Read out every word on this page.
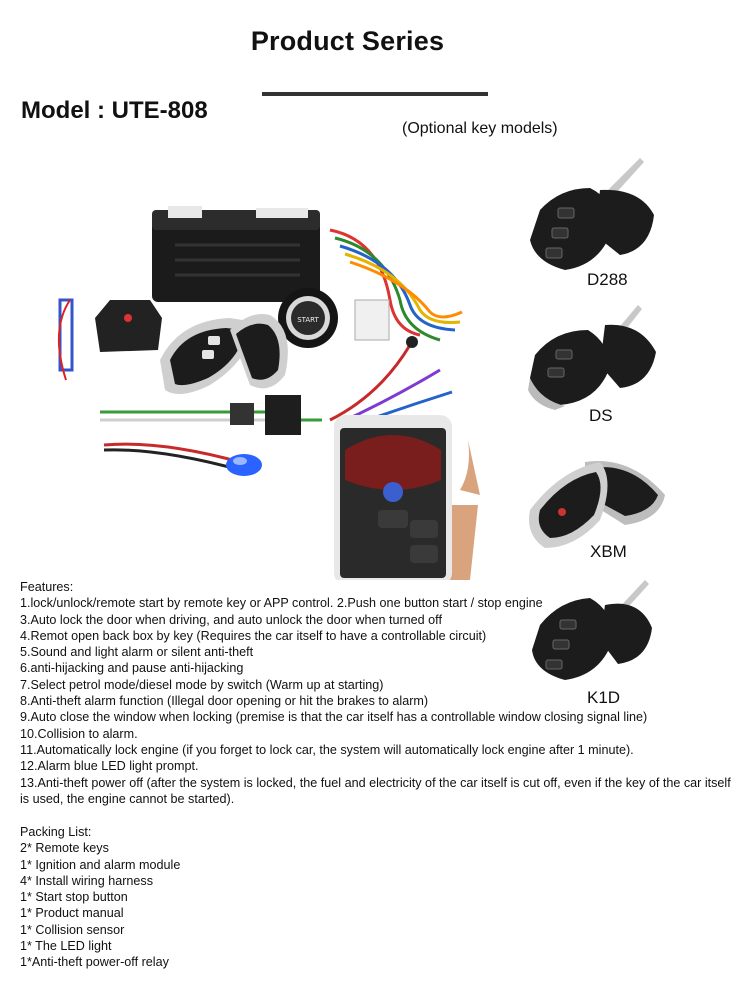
Product Series
Model : UTE-808
(Optional key models)
START
D288
DS
XBM
K1D
Features:
1.lock/unlock/remote start by remote key or APP control. 2.Push one button start / stop engine
3.Auto lock the door when driving, and auto unlock the door when turned off
4.Remot open back box by key (Requires the car itself to have a controllable circuit)
5.Sound and light alarm or silent anti-theft
6.anti-hijacking and pause anti-hijacking
7.Select petrol mode/diesel mode by switch (Warm up at starting)
8.Anti-theft alarm function (Illegal door opening or hit the brakes to alarm)
9.Auto close the window when locking (premise is that the car itself has a controllable window closing signal line)
10.Collision to alarm.
11.Automatically lock engine (if you forget to lock car, the system will automatically lock engine after 1 minute).
12.Alarm blue LED light prompt.
13.Anti-theft power off (after the system is locked, the fuel and electricity of the car itself is cut off, even if the key of the car itself is used, the engine cannot be started).
Packing List:
2* Remote keys
1* Ignition and alarm module
4* Install wiring harness
1* Start stop button
1* Product manual
1* Collision sensor
1* The LED light
1*Anti-theft power-off relay
